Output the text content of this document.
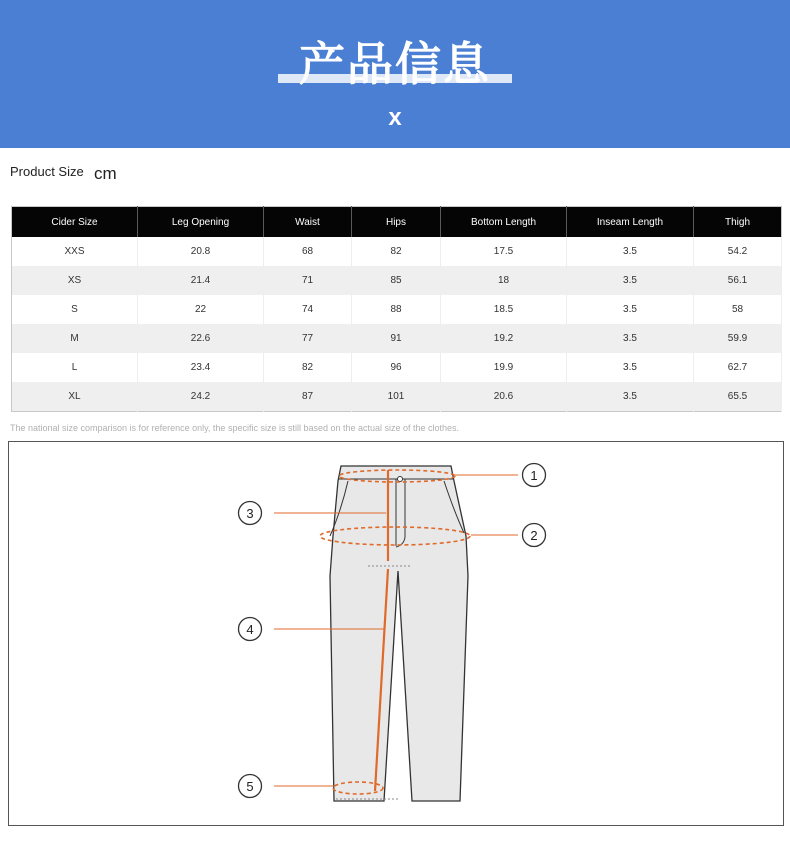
产品信息
x
Product Size cm
Cider Size	Leg Opening	Waist	Hips	Bottom Length	Inseam Length	Thigh
XXS	20.8	68	82	17.5	3.5	54.2
XS	21.4	71	85	18	3.5	56.1
S	22	74	88	18.5	3.5	58
M	22.6	77	91	19.2	3.5	59.9
L	23.4	82	96	19.9	3.5	62.7
XL	24.2	87	101	20.6	3.5	65.5
The national size comparison is for reference only, the specific size is still based on the actual size of the clothes.
1
2
3
4
5
